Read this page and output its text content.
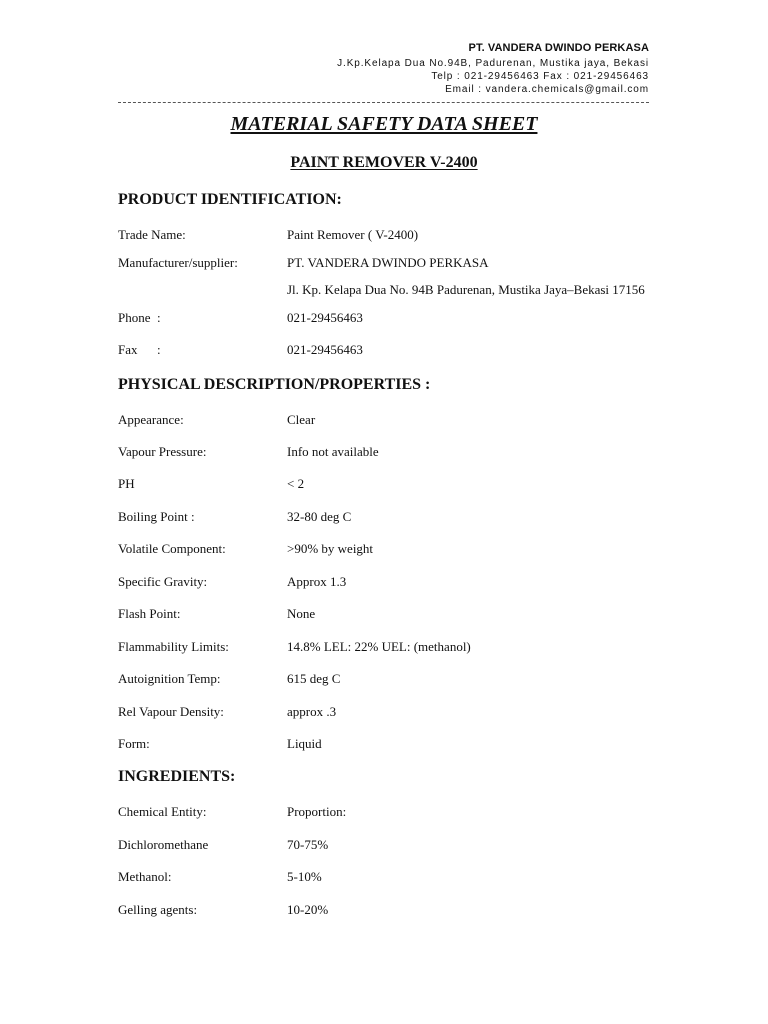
PT. VANDERA DWINDO PERKASA
J.Kp.Kelapa Dua No.94B, Padurenan, Mustika jaya, Bekasi
Telp : 021-29456463 Fax : 021-29456463
Email : vandera.chemicals@gmail.com
MATERIAL SAFETY DATA SHEET
PAINT REMOVER V-2400
PRODUCT IDENTIFICATION:
Trade Name:	Paint Remover ( V-2400)
Manufacturer/supplier:	PT. VANDERA DWINDO PERKASA
Jl. Kp. Kelapa Dua No. 94B Padurenan, Mustika Jaya–Bekasi 17156
Phone  :	021-29456463
Fax      :	021-29456463
PHYSICAL DESCRIPTION/PROPERTIES :
Appearance:	Clear
Vapour Pressure:	Info not available
PH	< 2
Boiling Point :	32-80 deg C
Volatile Component:	>90% by weight
Specific Gravity:	Approx 1.3
Flash Point:	None
Flammability Limits:	14.8% LEL: 22% UEL: (methanol)
Autoignition Temp:	615 deg C
Rel Vapour Density:	approx .3
Form:	Liquid
INGREDIENTS:
Chemical Entity:	Proportion:
Dichloromethane	70-75%
Methanol:	5-10%
Gelling agents:	10-20%
